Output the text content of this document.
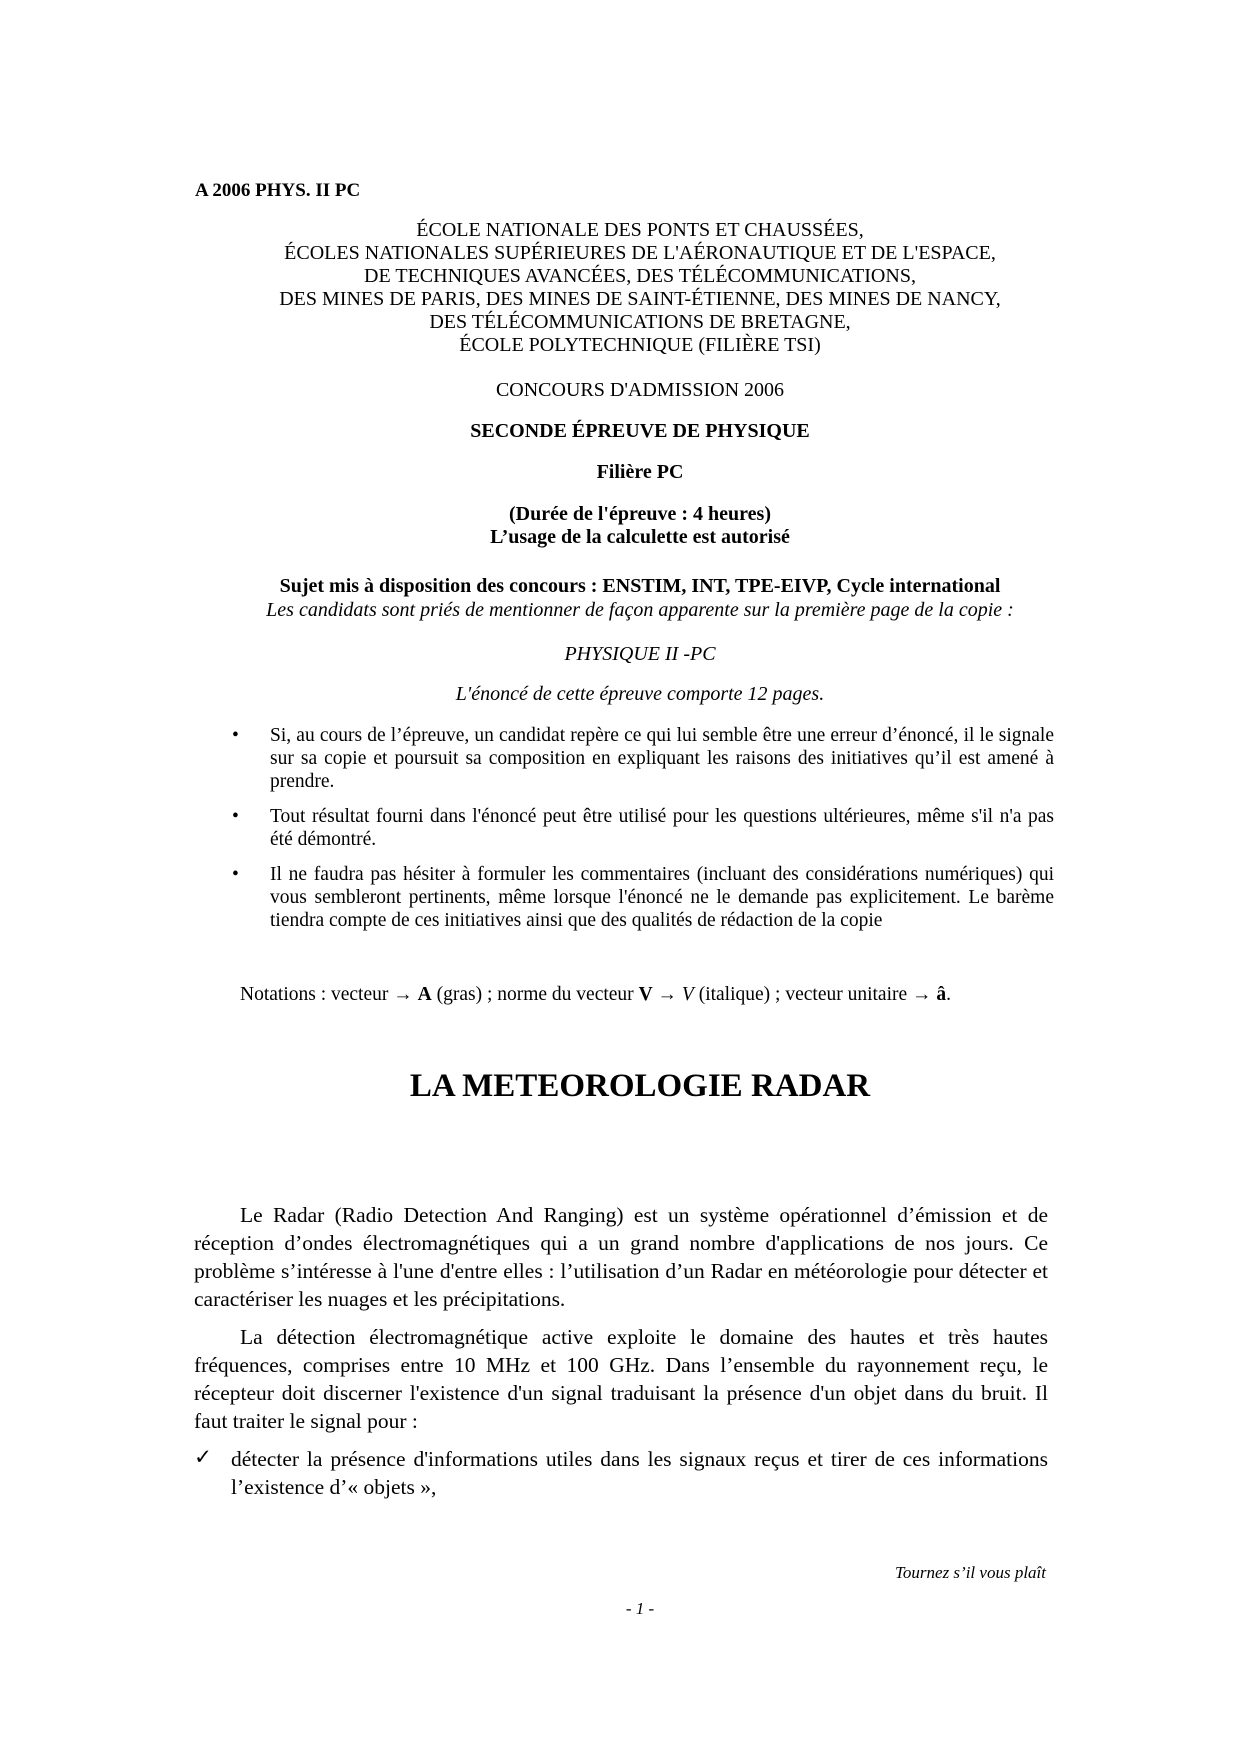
A 2006 PHYS. II PC
ÉCOLE NATIONALE DES PONTS ET CHAUSSÉES,
ÉCOLES NATIONALES SUPÉRIEURES DE L'AÉRONAUTIQUE ET DE L'ESPACE,
DE TECHNIQUES AVANCÉES, DES TÉLÉCOMMUNICATIONS,
DES MINES DE PARIS, DES MINES DE SAINT-ÉTIENNE, DES MINES DE NANCY,
DES TÉLÉCOMMUNICATIONS DE BRETAGNE,
ÉCOLE POLYTECHNIQUE (FILIÈRE TSI)
CONCOURS D'ADMISSION 2006
SECONDE ÉPREUVE DE PHYSIQUE
Filière PC
(Durée de l'épreuve : 4 heures)
L’usage de la calculette est autorisé
Sujet mis à disposition des concours : ENSTIM, INT, TPE-EIVP, Cycle international
Les candidats sont priés de mentionner de façon apparente sur la première page de la copie :
PHYSIQUE II -PC
L'énoncé de cette épreuve comporte 12 pages.
• Si, au cours de l’épreuve, un candidat repère ce qui lui semble être une erreur d’énoncé, il le signale sur sa copie et poursuit sa composition en expliquant les raisons des initiatives qu’il est amené à prendre.
• Tout résultat fourni dans l'énoncé peut être utilisé pour les questions ultérieures, même s'il n'a pas été démontré.
• Il ne faudra pas hésiter à formuler les commentaires (incluant des considérations numériques) qui vous sembleront pertinents, même lorsque l'énoncé ne le demande pas explicitement. Le barème tiendra compte de ces initiatives ainsi que des qualités de rédaction de la copie
Notations : vecteur → A (gras) ; norme du vecteur V → V (italique) ; vecteur unitaire → â.
LA METEOROLOGIE RADAR
Le Radar (Radio Detection And Ranging) est un système opérationnel d’émission et de réception d’ondes électromagnétiques qui a un grand nombre d'applications de nos jours. Ce problème s’intéresse à l'une d'entre elles : l’utilisation d’un Radar en météorologie pour détecter et caractériser les nuages et les précipitations.
La détection électromagnétique active exploite le domaine des hautes et très hautes fréquences, comprises entre 10 MHz et 100 GHz. Dans l’ensemble du rayonnement reçu, le récepteur doit discerner l'existence d'un signal traduisant la présence d'un objet dans du bruit. Il faut traiter le signal pour :
✓ détecter la présence d'informations utiles dans les signaux reçus et tirer de ces informations l’existence d’« objets »,
Tournez s’il vous plaît
- 1 -
